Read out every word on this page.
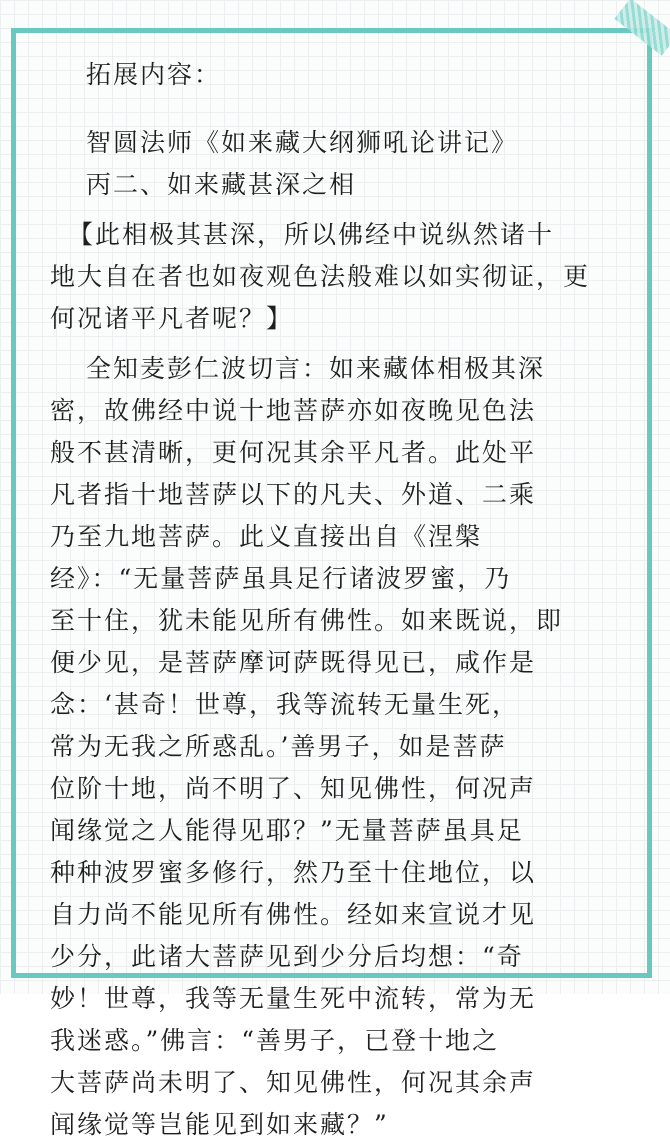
拓展内容：
智圆法师《如来藏大纲狮吼论讲记》
丙二、如来藏甚深之相
【此相极其甚深，所以佛经中说纵然诸十
地大自在者也如夜观色法般难以如实彻证，更
何况诸平凡者呢？】
全知麦彭仁波切言：如来藏体相极其深
密，故佛经中说十地菩萨亦如夜晚见色法
般不甚清晰，更何况其余平凡者。此处平
凡者指十地菩萨以下的凡夫、外道、二乘
乃至九地菩萨。此义直接出自《涅槃
经》：“无量菩萨虽具足行诸波罗蜜，乃
至十住，犹未能见所有佛性。如来既说，即
便少见，是菩萨摩诃萨既得见已，咸作是
念：‘甚奇！世尊，我等流转无量生死，
常为无我之所惑乱。’善男子，如是菩萨
位阶十地，尚不明了、知见佛性，何况声
闻缘觉之人能得见耶？”无量菩萨虽具足
种种波罗蜜多修行，然乃至十住地位，以
自力尚不能见所有佛性。经如来宣说才见
少分，此诸大菩萨见到少分后均想：“奇
妙！世尊，我等无量生死中流转，常为无
我迷惑。”佛言：“善男子，已登十地之
大菩萨尚未明了、知见佛性，何况其余声
闻缘觉等岂能见到如来藏？”
